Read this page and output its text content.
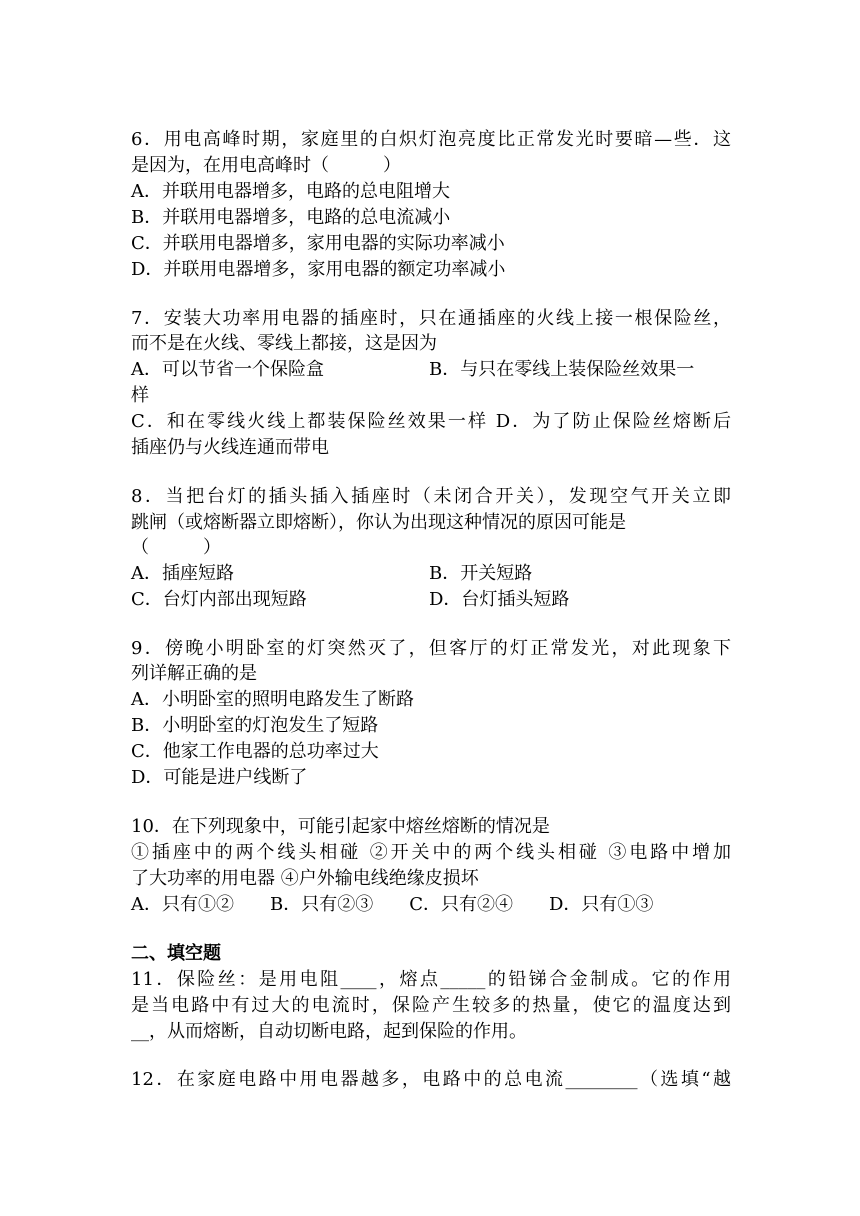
6．用电高峰时期，家庭里的白炽灯泡亮度比正常发光时要暗—些．这
是因为，在用电高峰时（　　　）
A．并联用电器增多，电路的总电阻增大
B．并联用电器增多，电路的总电流减小
C．并联用电器增多，家用电器的实际功率减小
D．并联用电器增多，家用电器的额定功率减小
7．安装大功率用电器的插座时，只在通插座的火线上接一根保险丝，
而不是在火线、零线上都接，这是因为
A．可以节省一个保险盒	B．与只在零线上装保险丝效果一
样
C．和在零线火线上都装保险丝效果一样 D．为了防止保险丝熔断后
插座仍与火线连通而带电
8．当把台灯的插头插入插座时（未闭合开关），发现空气开关立即
跳闸（或熔断器立即熔断），你认为出现这种情况的原因可能是
（　　　）
A．插座短路	B．开关短路
C．台灯内部出现短路	D．台灯插头短路
9．傍晚小明卧室的灯突然灭了，但客厅的灯正常发光，对此现象下
列详解正确的是
A．小明卧室的照明电路发生了断路
B．小明卧室的灯泡发生了短路
C．他家工作电器的总功率过大
D．可能是进户线断了
10．在下列现象中，可能引起家中熔丝熔断的情况是
①插座中的两个线头相碰 ②开关中的两个线头相碰 ③电路中增加
了大功率的用电器 ④户外输电线绝缘皮损坏
A．只有①②　　B．只有②③　　C．只有②④　　D．只有①③
二、填空题
11．保险丝：是用电阻____，熔点_____的铅锑合金制成。它的作用
是当电路中有过大的电流时，保险产生较多的热量，使它的温度达到
__，从而熔断，自动切断电路，起到保险的作用。
12．在家庭电路中用电器越多，电路中的总电流________（选填“越
